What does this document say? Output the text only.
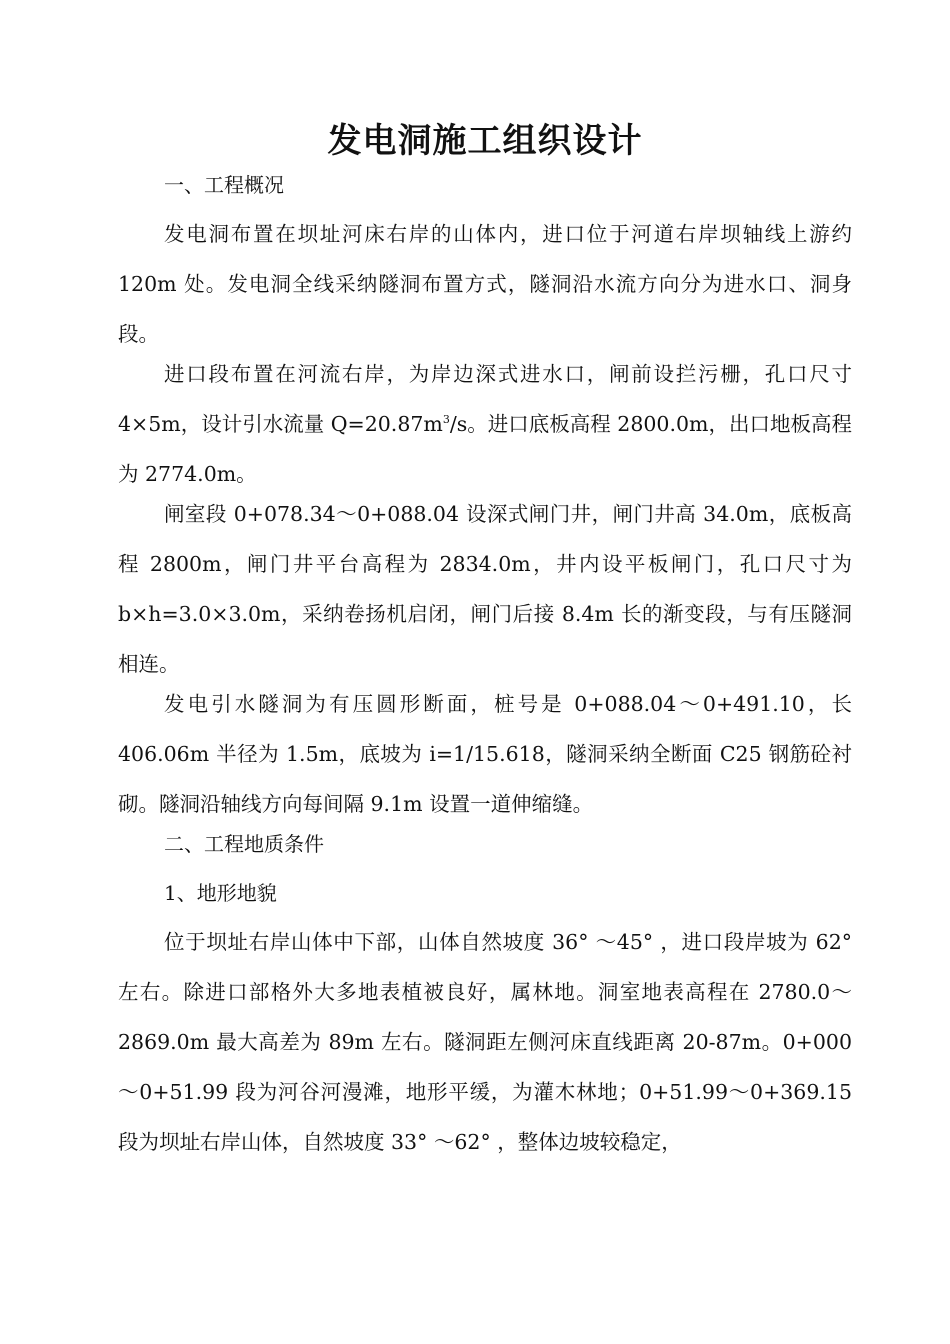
发电洞施工组织设计
一、工程概况

发电洞布置在坝址河床右岸的山体内，进口位于河道右岸坝轴线上游约 120m 处。发电洞全线采纳隧洞布置方式，隧洞沿水流方向分为进水口、洞身段。

进口段布置在河流右岸，为岸边深式进水口，闸前设拦污栅，孔口尺寸 4×5m，设计引水流量 $Q=20.87m^3/s$。进口底板高程 2800.0m，出口地板高程为 2774.0m。

闸室段 0+078.34～0+088.04 设深式闸门井，闸门井高 34.0m，底板高程 2800m，闸门井平台高程为 2834.0m，井内设平板闸门，孔口尺寸为 b×h=3.0×3.0m，采纳卷扬机启闭，闸门后接 8.4m 长的渐变段，与有压隧洞相连。

发电引水隧洞为有压圆形断面，桩号是 0+088.04～0+491.10，长 406.06m 半径为 1.5m，底坡为 i=1/15.618，隧洞采纳全断面 C25 钢筋砼衬砌。隧洞沿轴线方向每间隔 9.1m 设置一道伸缩缝。

二、工程地质条件
1、地形地貌

位于坝址右岸山体中下部，山体自然坡度 36° ～45° ，进口段岸坡为 62° 左右。除进口部格外大多地表植被良好，属林地。洞室地表高程在 2780.0～2869.0m 最大高差为 89m 左右。隧洞距左侧河床直线距离 20-87m。0+000～0+51.99 段为河谷河漫滩，地形平缓，为灌木林地；0+51.99～0+369.15 段为坝址右岸山体，自然坡度 33° ～62° ，整体边坡较稳定，
